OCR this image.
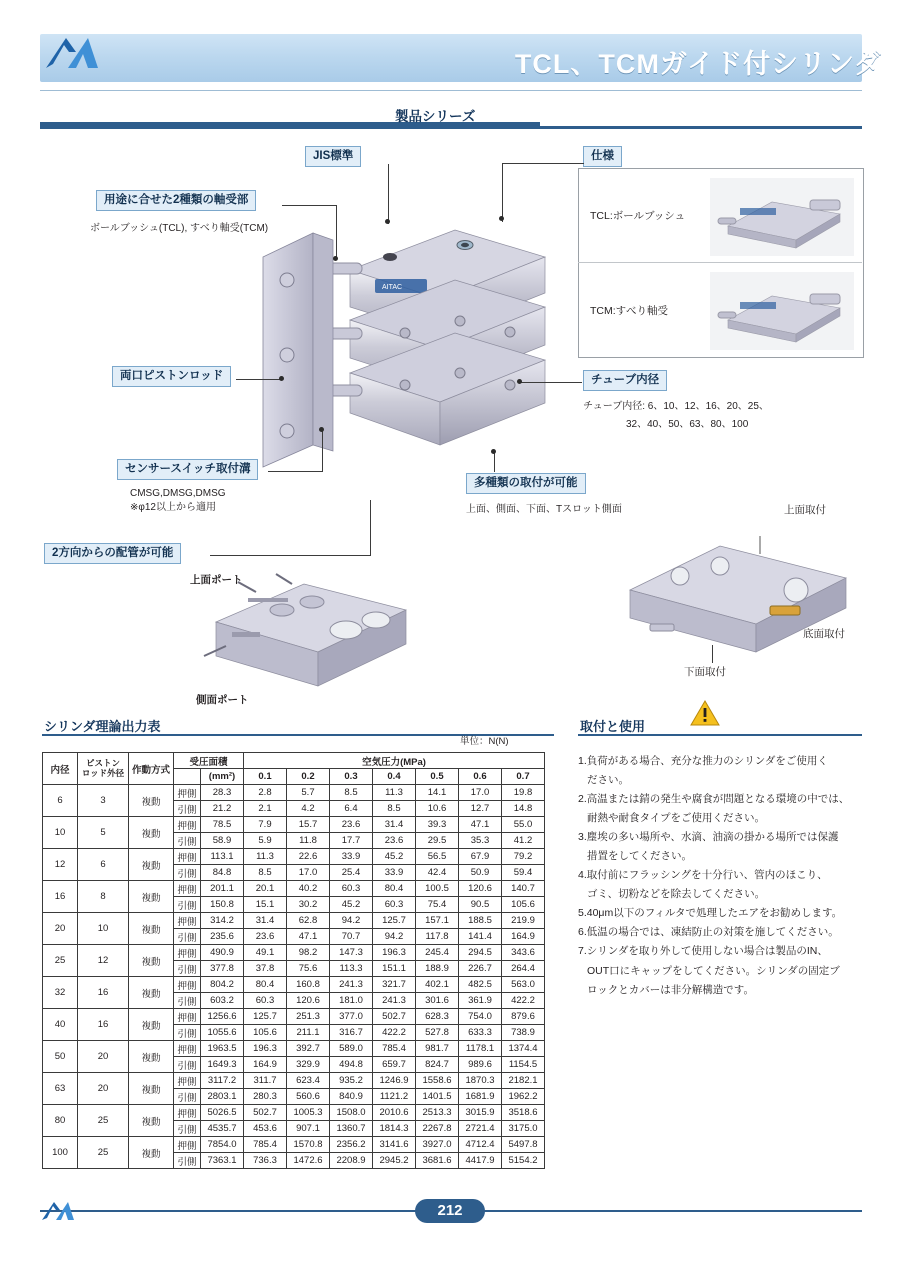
TCL、TCMガイド付シリンダ
製品シリーズ
AITAC
TCL:ボールブッシュ
TCM:すべり軸受
JIS標準	仕様
用途に合せた2種類の軸受部
ボールブッシュ(TCL), すべり軸受(TCM)
両口ピストンロッド
センサースイッチ取付溝
CMSG,DMSG,DMSG
※φ12以上から適用
2方向からの配管が可能
チューブ内径
チューブ内径: 6、10、12、16、20、25、
32、40、50、63、80、100
多種類の取付が可能
上面、側面、下面、Tスロット側面
上面ポート
側面ポート
上面取付
底面取付
下面取付
シリンダ理論出力表	取付と使用
単位：N(N)
内径	ピストン
ロッド外径	作動方式	受圧面積		空気圧力(MPa)						
				(mm²)	0.1	0.2	0.3	0.4	0.5	0.6	0.7
6	3	複動	押側	28.3	2.8	5.7	8.5	11.3	14.1	17.0	19.8
			引側	21.2	2.1	4.2	6.4	8.5	10.6	12.7	14.8
10	5	複動	押側	78.5	7.9	15.7	23.6	31.4	39.3	47.1	55.0
			引側	58.9	5.9	11.8	17.7	23.6	29.5	35.3	41.2
12	6	複動	押側	113.1	11.3	22.6	33.9	45.2	56.5	67.9	79.2
			引側	84.8	8.5	17.0	25.4	33.9	42.4	50.9	59.4
16	8	複動	押側	201.1	20.1	40.2	60.3	80.4	100.5	120.6	140.7
			引側	150.8	15.1	30.2	45.2	60.3	75.4	90.5	105.6
20	10	複動	押側	314.2	31.4	62.8	94.2	125.7	157.1	188.5	219.9
			引側	235.6	23.6	47.1	70.7	94.2	117.8	141.4	164.9
25	12	複動	押側	490.9	49.1	98.2	147.3	196.3	245.4	294.5	343.6
			引側	377.8	37.8	75.6	113.3	151.1	188.9	226.7	264.4
32	16	複動	押側	804.2	80.4	160.8	241.3	321.7	402.1	482.5	563.0
			引側	603.2	60.3	120.6	181.0	241.3	301.6	361.9	422.2
40	16	複動	押側	1256.6	125.7	251.3	377.0	502.7	628.3	754.0	879.6
			引側	1055.6	105.6	211.1	316.7	422.2	527.8	633.3	738.9
50	20	複動	押側	1963.5	196.3	392.7	589.0	785.4	981.7	1178.1	1374.4
			引側	1649.3	164.9	329.9	494.8	659.7	824.7	989.6	1154.5
63	20	複動	押側	3117.2	311.7	623.4	935.2	1246.9	1558.6	1870.3	2182.1
			引側	2803.1	280.3	560.6	840.9	1121.2	1401.5	1681.9	1962.2
80	25	複動	押側	5026.5	502.7	1005.3	1508.0	2010.6	2513.3	3015.9	3518.6
			引側	4535.7	453.6	907.1	1360.7	1814.3	2267.8	2721.4	3175.0
100	25	複動	押側	7854.0	785.4	1570.8	2356.2	3141.6	3927.0	4712.4	5497.8
			引側	7363.1	736.3	1472.6	2208.9	2945.2	3681.6	4417.9	5154.2

1.負荷がある場合、充分な推力のシリンダをご使用く

ださい。

2.高温または錆の発生や腐食が問題となる環境の中では、

耐熱や耐食タイプをご使用ください。

3.塵埃の多い場所や、水滴、油滴の掛かる場所では保護

措置をしてください。

4.取付前にフラッシングを十分行い、管内のほこり、

ゴミ、切粉などを除去してください。

5.40μm以下のフィルタで処理したエアをお勧めします。

6.低温の場合では、凍結防止の対策を施してください。

7.シリンダを取り外して使用しない場合は製品のIN、

OUT口にキャップをしてください。シリンダの固定ブ

ロックとカバーは非分解構造です。

212
